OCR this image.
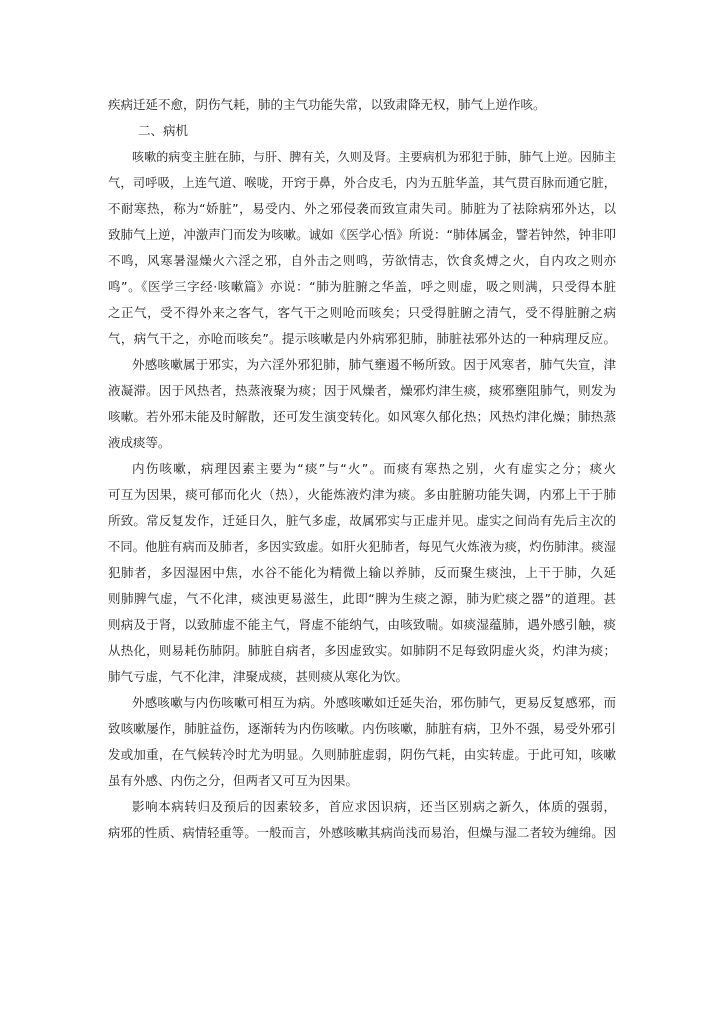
疾病迁延不愈，阴伤气耗，肺的主气功能失常，以致肃降无权，肺气上逆作咳。
二、病机
咳嗽的病变主脏在肺，与肝、脾有关，久则及肾。主要病机为邪犯于肺，肺气上逆。因肺主
气，司呼吸，上连气道、喉咙，开窍于鼻，外合皮毛，内为五脏华盖，其气贯百脉而通它脏，
不耐寒热，称为“娇脏”，易受内、外之邪侵袭而致宣肃失司。肺脏为了祛除病邪外达，以
致肺气上逆，冲激声门而发为咳嗽。诚如《医学心悟》所说：“肺体属金，譬若钟然，钟非叩
不鸣，风寒暑湿燥火六淫之邪，自外击之则鸣，劳欲情志，饮食炙煿之火，自内攻之则亦
鸣”。《医学三字经·咳嗽篇》亦说：“肺为脏腑之华盖，呼之则虚，吸之则满，只受得本脏
之正气，受不得外来之客气，客气干之则呛而咳矣；只受得脏腑之清气，受不得脏腑之病
气，病气干之，亦呛而咳矣”。提示咳嗽是内外病邪犯肺，肺脏祛邪外达的一种病理反应。
外感咳嗽属于邪实，为六淫外邪犯肺，肺气壅遏不畅所致。因于风寒者，肺气失宣，津
液凝滞。因于风热者，热蒸液聚为痰；因于风燥者，燥邪灼津生痰，痰邪壅阻肺气，则发为
咳嗽。若外邪未能及时解散，还可发生演变转化。如风寒久郁化热；风热灼津化燥；肺热蒸
液成痰等。
内伤咳嗽，病理因素主要为“痰”与“火”。而痰有寒热之别，火有虚实之分；痰火
可互为因果，痰可郁而化火（热），火能炼液灼津为痰。多由脏腑功能失调，内邪上干于肺
所致。常反复发作，迁延日久，脏气多虚，故属邪实与正虚并见。虚实之间尚有先后主次的
不同。他脏有病而及肺者，多因实致虚。如肝火犯肺者，每见气火炼液为痰，灼伤肺津。痰湿
犯肺者，多因湿困中焦，水谷不能化为精微上输以养肺，反而聚生痰浊，上干于肺，久延
则肺脾气虚，气不化津，痰浊更易滋生，此即“脾为生痰之源，肺为贮痰之器”的道理。甚
则病及于肾，以致肺虚不能主气，肾虚不能纳气，由咳致喘。如痰湿蕴肺，遇外感引触，痰
从热化，则易耗伤肺阴。肺脏自病者，多因虚致实。如肺阴不足每致阴虚火炎，灼津为痰；
肺气亏虚，气不化津，津聚成痰，甚则痰从寒化为饮。
外感咳嗽与内伤咳嗽可相互为病。外感咳嗽如迁延失治，邪伤肺气，更易反复感邪，而
致咳嗽屡作，肺脏益伤，逐渐转为内伤咳嗽。内伤咳嗽，肺脏有病，卫外不强，易受外邪引
发或加重，在气候转冷时尤为明显。久则肺脏虚弱，阴伤气耗，由实转虚。于此可知，咳嗽
虽有外感、内伤之分，但两者又可互为因果。
影响本病转归及预后的因素较多，首应求因识病，还当区别病之新久，体质的强弱，
病邪的性质、病情轻重等。一般而言，外感咳嗽其病尚浅而易治，但燥与湿二者较为缠绵。因
